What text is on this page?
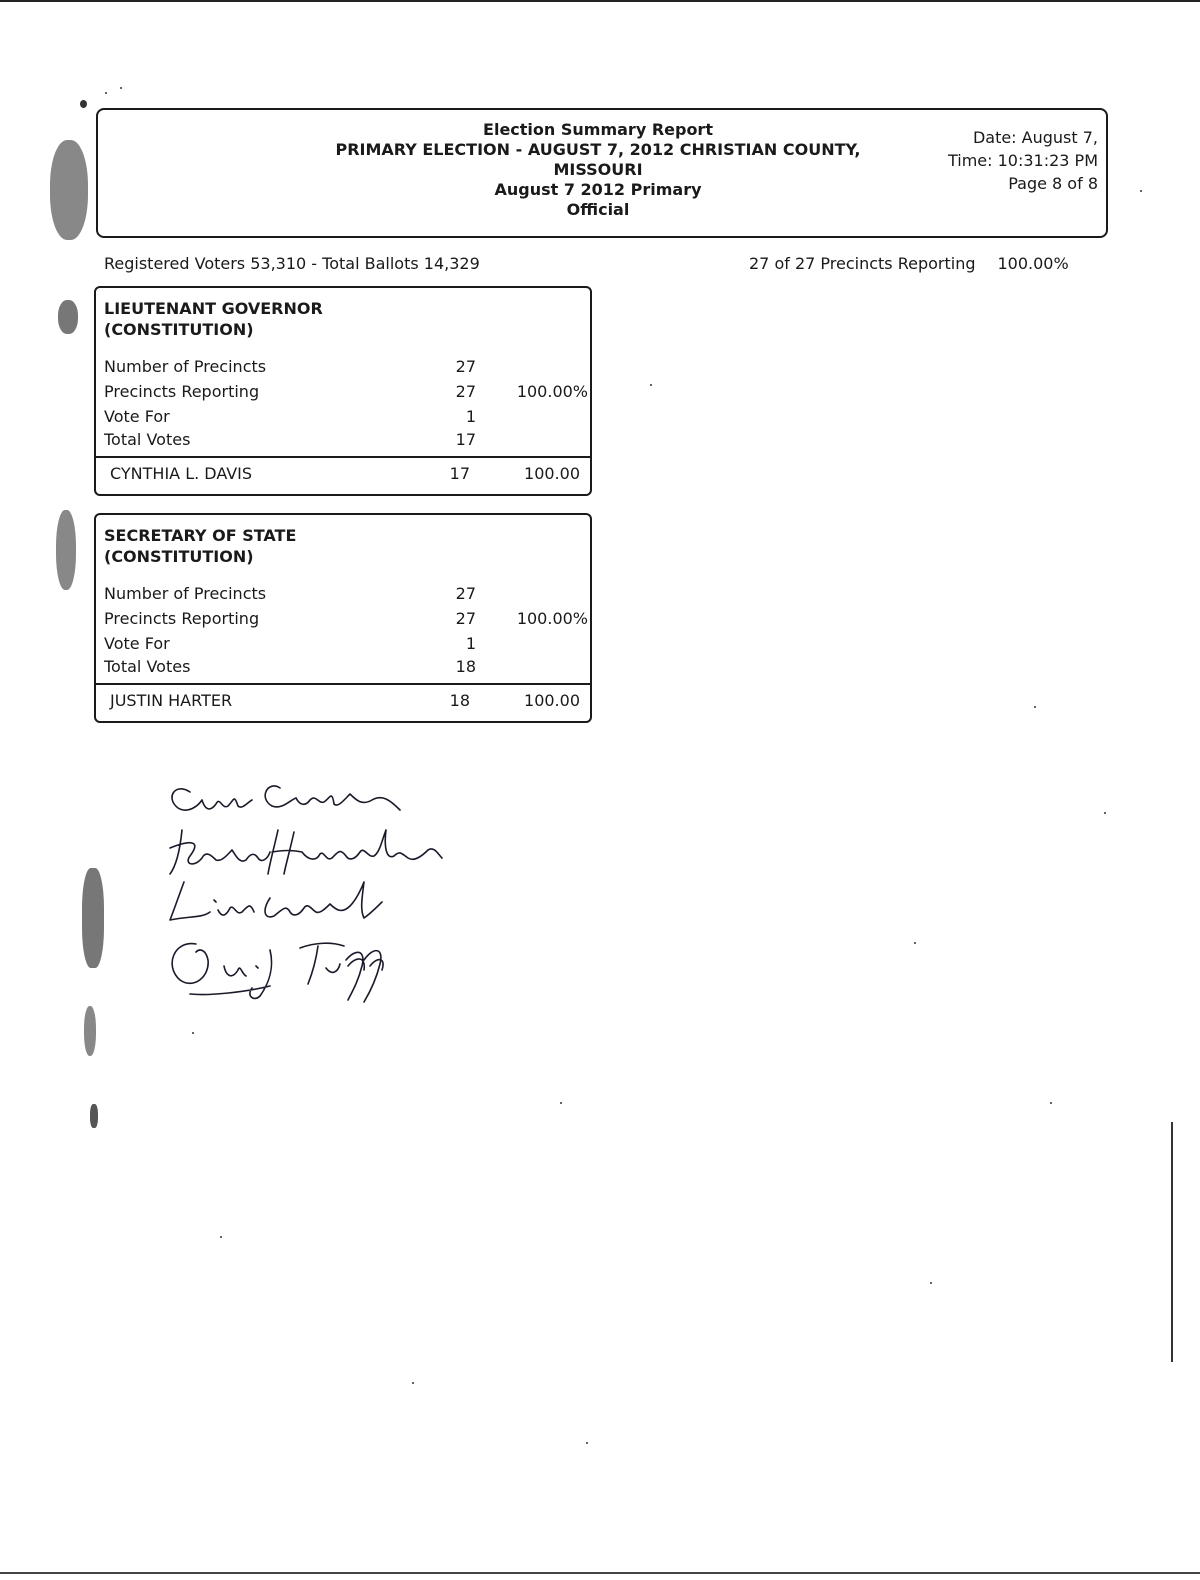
Election Summary Report
PRIMARY ELECTION - AUGUST 7, 2012 CHRISTIAN COUNTY,
MISSOURI
August 7 2012 Primary
Official
Date: August 7,
Time: 10:31:23 PM
Page 8 of 8
Registered Voters 53,310 - Total Ballots 14,329	27 of 27 Precincts Reporting 100.00%
LIEUTENANT GOVERNOR
(CONSTITUTION)
Number of Precincts	27
Precincts Reporting	27	100.00%
Vote For	1
Total Votes	17
CYNTHIA L. DAVIS	17	100.00
SECRETARY OF STATE
(CONSTITUTION)
Number of Precincts	27
Precincts Reporting	27	100.00%
Vote For	1
Total Votes	18
JUSTIN HARTER	18	100.00
